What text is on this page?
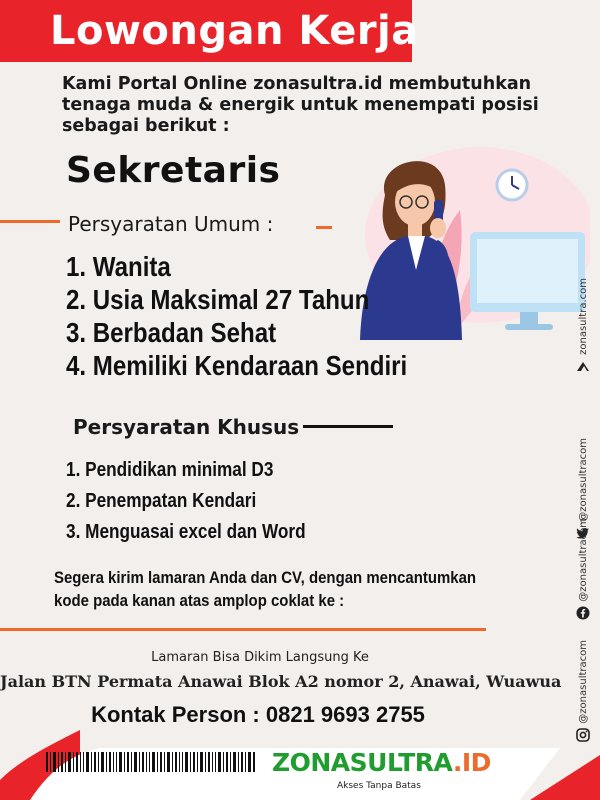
Lowongan Kerja

Kami Portal Online zonasultra.id membutuhkan
tenaga muda & energik untuk menempati posisi
sebagai berikut :

Sekretaris
Persyaratan Umum :
1. Wanita
2. Usia Maksimal 27 Tahun
3. Berbadan Sehat
4. Memiliki Kendaraan Sendiri
Persyaratan Khusus
1. Pendidikan minimal D3
2. Penempatan Kendari
3. Menguasai excel dan Word

Segera kirim lamaran Anda dan CV, dengan mencantumkan
kode pada kanan atas amplop coklat ke :

Lamaran Bisa Dikim Langsung Ke

Jalan BTN Permata Anawai Blok A2 nomor 2, Anawai, Wuawua

Kontak Person : 0821 9693 2755

ZONASULTRA.ID
Akses Tanpa Batas
zonasultra.com
@zonasultracom
@zonasultracom
@zonasultracom
